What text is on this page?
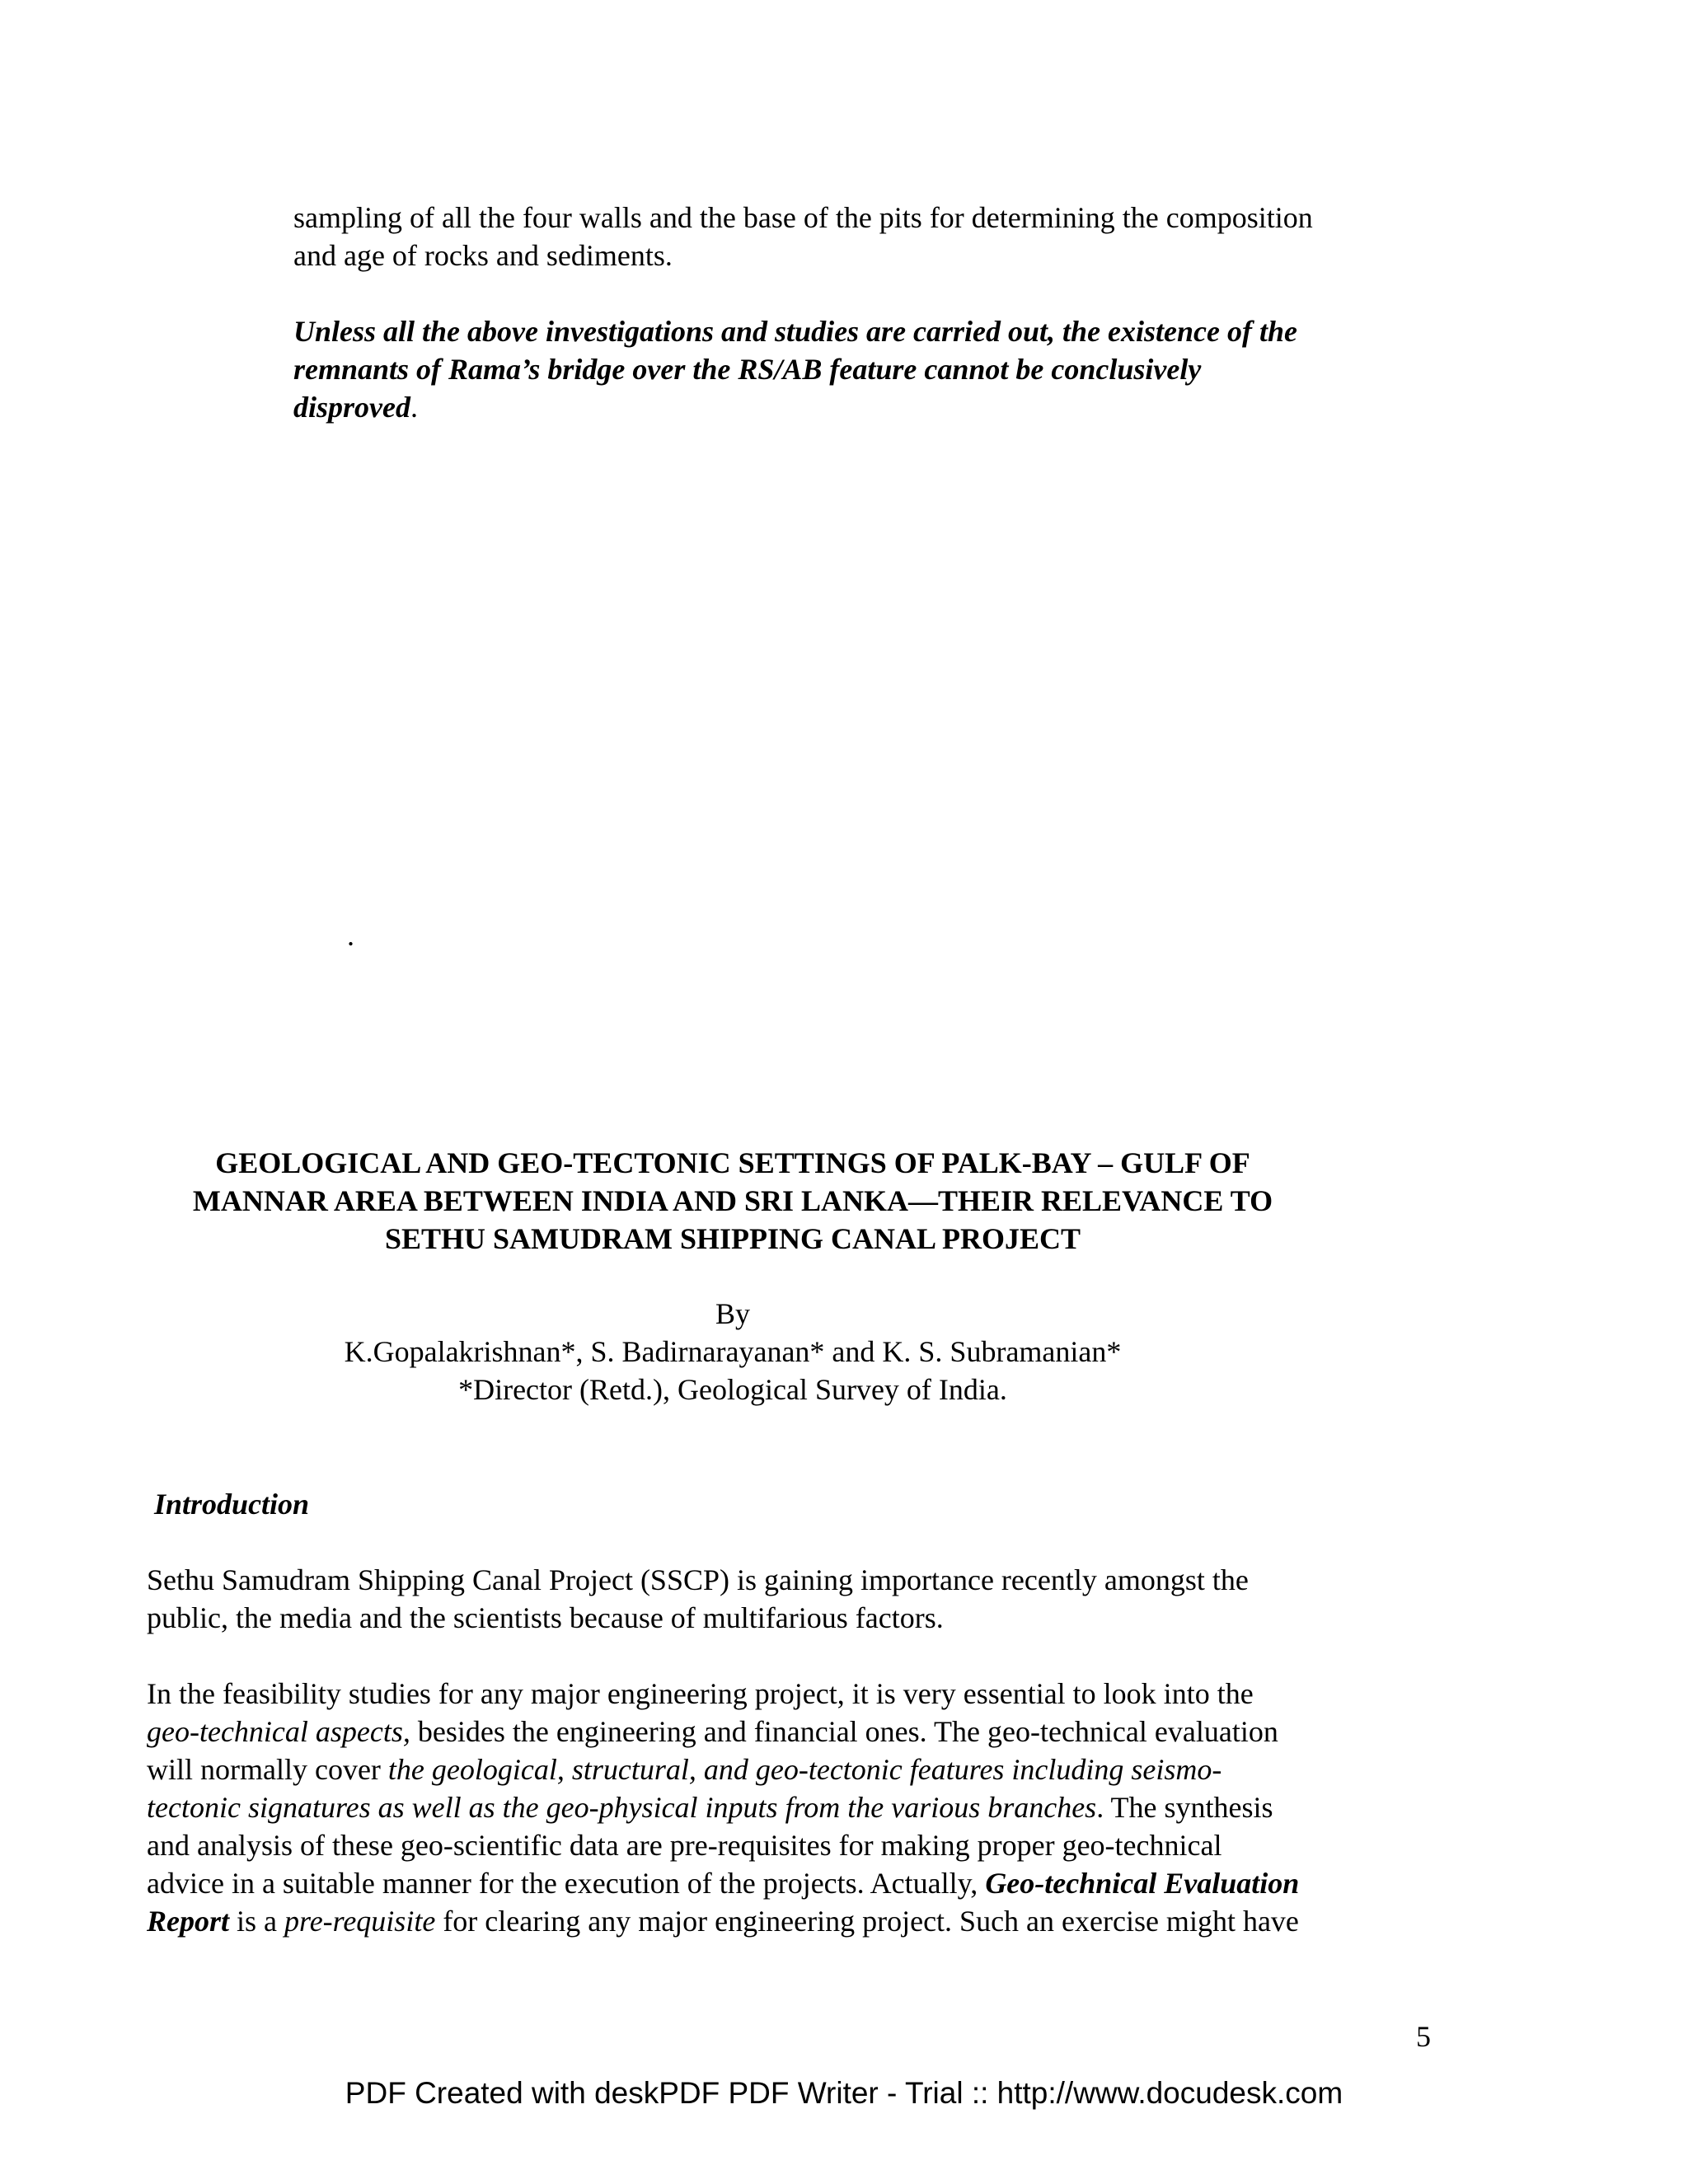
sampling of all the four walls and the base of the pits for determining the composition
and age of rocks and sediments.
Unless all the above investigations and studies are carried out, the existence of the
remnants of Rama’s bridge over the RS/AB feature cannot be conclusively
disproved.
.
GEOLOGICAL AND GEO-TECTONIC SETTINGS OF PALK-BAY – GULF OF
MANNAR AREA BETWEEN INDIA AND SRI LANKA—THEIR RELEVANCE TO
SETHU SAMUDRAM SHIPPING CANAL PROJECT
By
K.Gopalakrishnan*, S. Badirnarayanan* and K. S. Subramanian*
*Director (Retd.), Geological Survey of India.
Introduction
Sethu Samudram Shipping Canal Project (SSCP) is gaining importance recently amongst the
public, the media and the scientists because of multifarious factors.
In the feasibility studies for any major engineering project, it is very essential to look into the
geo-technical aspects, besides the engineering and financial ones. The geo-technical evaluation
will normally cover the geological, structural, and geo-tectonic features including seismo-
tectonic signatures as well as the geo-physical inputs from the various branches. The synthesis
and analysis of these geo-scientific data are pre-requisites for making proper geo-technical
advice in a suitable manner for the execution of the projects. Actually, Geo-technical Evaluation
Report is a pre-requisite for clearing any major engineering project. Such an exercise might have
5
PDF Created with deskPDF PDF Writer - Trial :: http://www.docudesk.com
